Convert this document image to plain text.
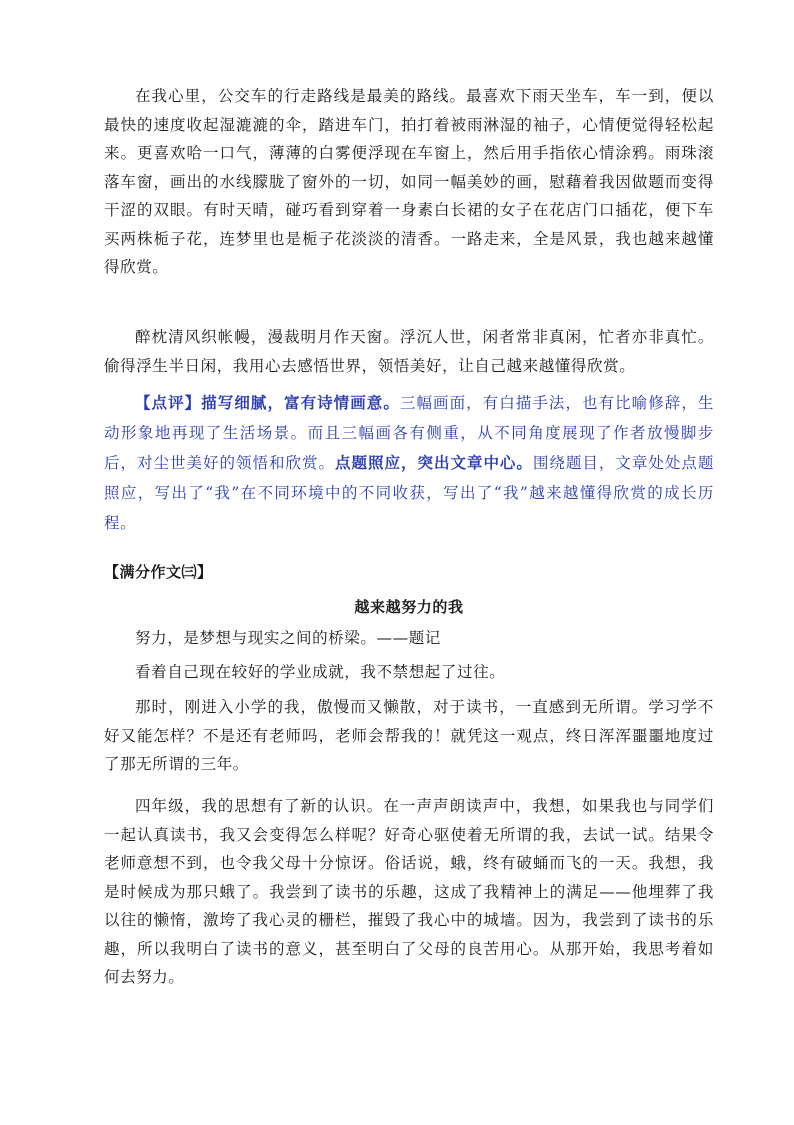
在我心里，公交车的行走路线是最美的路线。最喜欢下雨天坐车，车一到，便以最快的速度收起湿漉漉的伞，踏进车门，拍打着被雨淋湿的袖子，心情便觉得轻松起来。更喜欢哈一口气，薄薄的白雾便浮现在车窗上，然后用手指依心情涂鸦。雨珠滚落车窗，画出的水线朦胧了窗外的一切，如同一幅美妙的画，慰藉着我因做题而变得干涩的双眼。有时天晴，碰巧看到穿着一身素白长裙的女子在花店门口插花，便下车买两株栀子花，连梦里也是栀子花淡淡的清香。一路走来，全是风景，我也越来越懂得欣赏。

醉枕清风织帐幔，漫裁明月作天窗。浮沉人世，闲者常非真闲，忙者亦非真忙。偷得浮生半日闲，我用心去感悟世界，领悟美好，让自己越来越懂得欣赏。

【点评】描写细腻，富有诗情画意。三幅画面，有白描手法，也有比喻修辞，生动形象地再现了生活场景。而且三幅画各有侧重，从不同角度展现了作者放慢脚步后，对尘世美好的领悟和欣赏。点题照应，突出文章中心。围绕题目，文章处处点题照应，写出了“我”在不同环境中的不同收获，写出了“我”越来越懂得欣赏的成长历程。

【满分作文㈢】

越来越努力的我

努力，是梦想与现实之间的桥梁。——题记

看着自己现在较好的学业成就，我不禁想起了过往。

那时，刚进入小学的我，傲慢而又懒散，对于读书，一直感到无所谓。学习学不好又能怎样？不是还有老师吗，老师会帮我的！就凭这一观点，终日浑浑噩噩地度过了那无所谓的三年。

四年级，我的思想有了新的认识。在一声声朗读声中，我想，如果我也与同学们一起认真读书，我又会变得怎么样呢？好奇心驱使着无所谓的我，去试一试。结果令老师意想不到，也令我父母十分惊讶。俗话说，蛾，终有破蛹而飞的一天。我想，我是时候成为那只蛾了。我尝到了读书的乐趣，这成了我精神上的满足——他埋葬了我以往的懒惰，激垮了我心灵的栅栏，摧毁了我心中的城墙。因为，我尝到了读书的乐趣，所以我明白了读书的意义，甚至明白了父母的良苦用心。从那开始，我思考着如何去努力。
